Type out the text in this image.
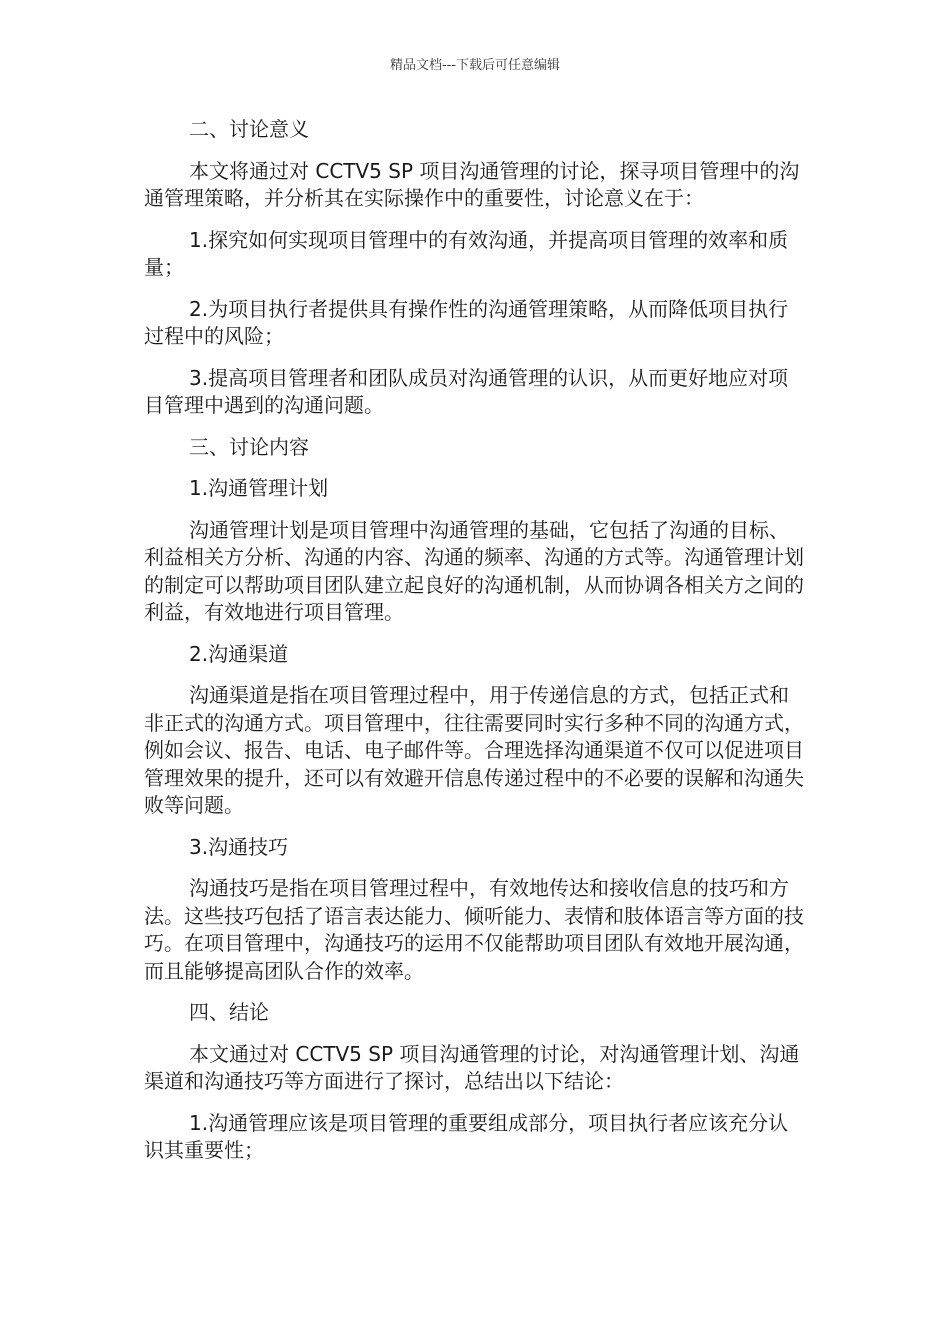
精品文档---下载后可任意编辑

二、讨论意义

本文将通过对 CCTV5 SP 项目沟通管理的讨论，探寻项目管理中的沟通管理策略，并分析其在实际操作中的重要性，讨论意义在于：

1.探究如何实现项目管理中的有效沟通，并提高项目管理的效率和质量；

2.为项目执行者提供具有操作性的沟通管理策略，从而降低项目执行过程中的风险；

3.提高项目管理者和团队成员对沟通管理的认识，从而更好地应对项目管理中遇到的沟通问题。

三、讨论内容

1.沟通管理计划

沟通管理计划是项目管理中沟通管理的基础，它包括了沟通的目标、利益相关方分析、沟通的内容、沟通的频率、沟通的方式等。沟通管理计划的制定可以帮助项目团队建立起良好的沟通机制，从而协调各相关方之间的利益，有效地进行项目管理。

2.沟通渠道

沟通渠道是指在项目管理过程中，用于传递信息的方式，包括正式和非正式的沟通方式。项目管理中，往往需要同时实行多种不同的沟通方式，例如会议、报告、电话、电子邮件等。合理选择沟通渠道不仅可以促进项目管理效果的提升，还可以有效避开信息传递过程中的不必要的误解和沟通失败等问题。

3.沟通技巧

沟通技巧是指在项目管理过程中，有效地传达和接收信息的技巧和方法。这些技巧包括了语言表达能力、倾听能力、表情和肢体语言等方面的技巧。在项目管理中，沟通技巧的运用不仅能帮助项目团队有效地开展沟通，而且能够提高团队合作的效率。

四、结论

本文通过对 CCTV5 SP 项目沟通管理的讨论，对沟通管理计划、沟通渠道和沟通技巧等方面进行了探讨，总结出以下结论：

1.沟通管理应该是项目管理的重要组成部分，项目执行者应该充分认识其重要性；
